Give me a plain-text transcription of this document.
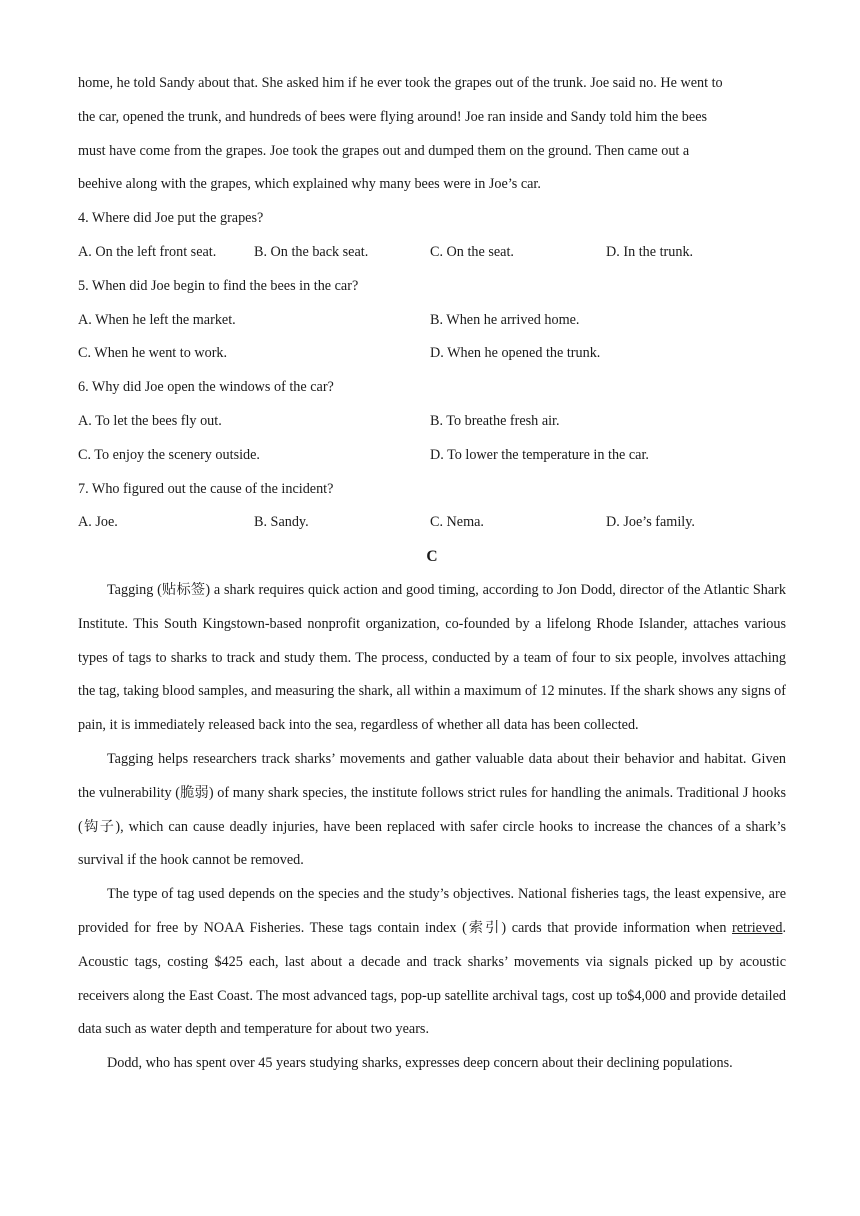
home, he told Sandy about that. She asked him if he ever took the grapes out of the trunk. Joe said no. He went to
the car, opened the trunk, and hundreds of bees were flying around! Joe ran inside and Sandy told him the bees
must have come from the grapes. Joe took the grapes out and dumped them on the ground. Then came out a
beehive along with the grapes, which explained why many bees were in Joe’s car.
4. Where did Joe put the grapes?
A. On the left front seat.	B. On the back seat.	C. On the seat.	D. In the trunk.
5. When did Joe begin to find the bees in the car?
A. When he left the market.	B. When he arrived home.
C. When he went to work.	D. When he opened the trunk.
6. Why did Joe open the windows of the car?
A. To let the bees fly out.	B. To breathe fresh air.
C. To enjoy the scenery outside.	D. To lower the temperature in the car.
7. Who figured out the cause of the incident?
A. Joe.	B. Sandy.	C. Nema.	D. Joe’s family.
C
Tagging (贴标签) a shark requires quick action and good timing, according to Jon Dodd, director of the Atlantic Shark Institute. This South Kingstown-based nonprofit organization, co-founded by a lifelong Rhode Islander, attaches various types of tags to sharks to track and study them. The process, conducted by a team of four to six people, involves attaching the tag, taking blood samples, and measuring the shark, all within a maximum of 12 minutes. If the shark shows any signs of pain, it is immediately released back into the sea, regardless of whether all data has been collected.
Tagging helps researchers track sharks’ movements and gather valuable data about their behavior and habitat. Given the vulnerability (脆弱) of many shark species, the institute follows strict rules for handling the animals. Traditional J hooks (钩子), which can cause deadly injuries, have been replaced with safer circle hooks to increase the chances of a shark’s survival if the hook cannot be removed.
The type of tag used depends on the species and the study’s objectives. National fisheries tags, the least expensive, are provided for free by NOAA Fisheries. These tags contain index (索引) cards that provide information when retrieved. Acoustic tags, costing $425 each, last about a decade and track sharks’ movements via signals picked up by acoustic receivers along the East Coast. The most advanced tags, pop-up satellite archival tags, cost up to$4,000 and provide detailed data such as water depth and temperature for about two years.
Dodd, who has spent over 45 years studying sharks, expresses deep concern about their declining populations.
